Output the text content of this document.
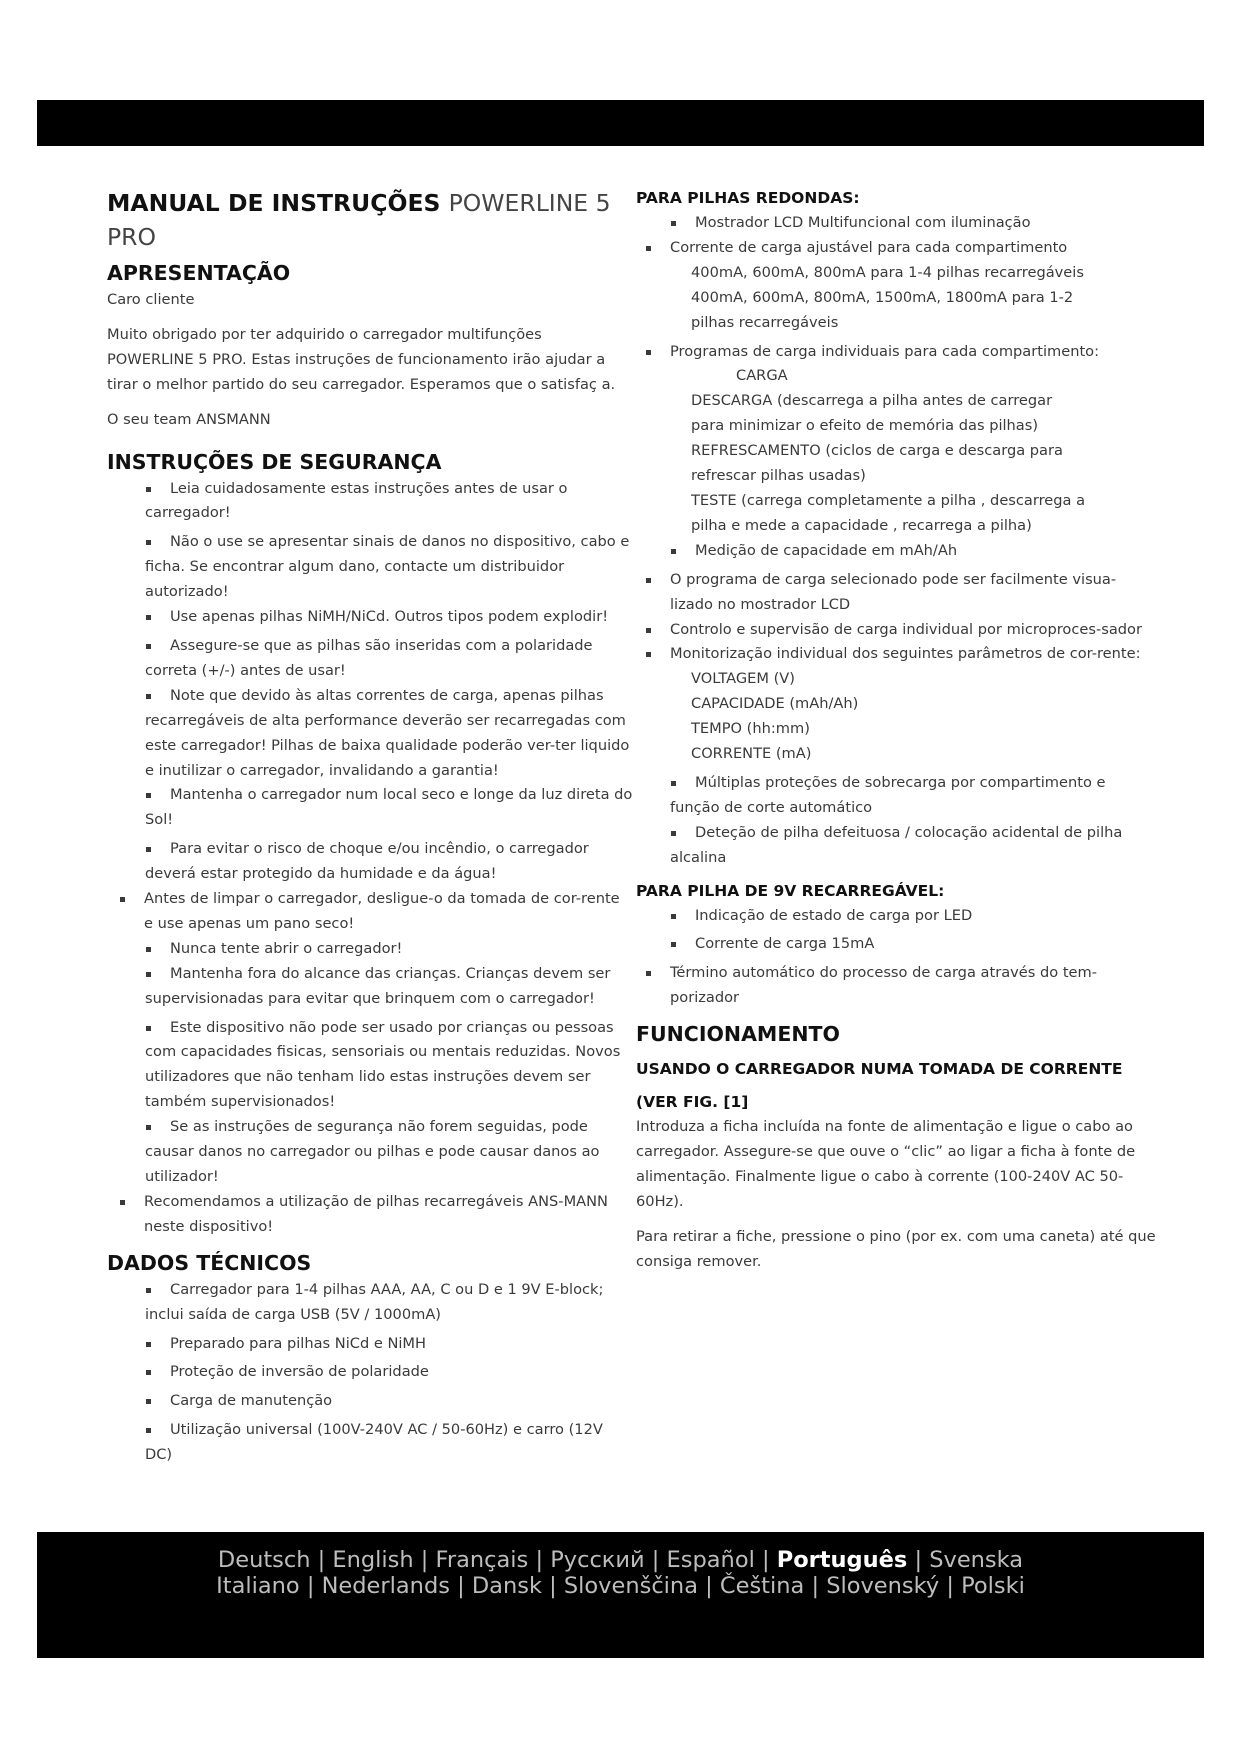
MANUAL DE INSTRUÇÕES POWERLINE 5 PRO
APRESENTAÇÃO

Caro cliente

Muito obrigado por ter adquirido o carregador multifunções POWERLINE 5 PRO. Estas instruções de funcionamento irão ajudar a tirar o melhor partido do seu carregador. Esperamos que o satisfaç a.

O seu team ANSMANN

INSTRUÇÕES DE SEGURANÇA
Leia cuidadosamente estas instruções antes de usar o carregador!
Não o use se apresentar sinais de danos no dispositivo, cabo e ficha. Se encontrar algum dano, contacte um distribuidor autorizado!
Use apenas pilhas NiMH/NiCd. Outros tipos podem explodir!
Assegure-se que as pilhas são inseridas com a polaridade correta (+/-) antes de usar!
Note que devido às altas correntes de carga, apenas pilhas recarregáveis de alta performance deverão ser recarregadas com este carregador! Pilhas de baixa qualidade poderão ver-ter liquido e inutilizar o carregador, invalidando a garantia!
Mantenha o carregador num local seco e longe da luz direta do Sol!
Para evitar o risco de choque e/ou incêndio, o carregador deverá estar protegido da humidade e da água!
Antes de limpar o carregador, desligue-o da tomada de cor-rente e use apenas um pano seco!
Nunca tente abrir o carregador!
Mantenha fora do alcance das crianças. Crianças devem ser supervisionadas para evitar que brinquem com o carregador!
Este dispositivo não pode ser usado por crianças ou pessoas com capacidades fisicas, sensoriais ou mentais reduzidas. Novos utilizadores que não tenham lido estas instruções devem ser também supervisionados!
Se as instruções de segurança não forem seguidas, pode causar danos no carregador ou pilhas e pode causar danos ao utilizador!
Recomendamos a utilização de pilhas recarregáveis ANS-MANN neste dispositivo!
DADOS TÉCNICOS
Carregador para 1-4 pilhas AAA, AA, C ou D e 1 9V E-block; inclui saída de carga USB (5V / 1000mA)
Preparado para pilhas NiCd e NiMH
Proteção de inversão de polaridade
Carga de manutenção
Utilização universal (100V-240V AC / 50-60Hz) e carro (12V DC)
PARA PILHAS REDONDAS:
Mostrador LCD Multifuncional com iluminação
Corrente de carga ajustável para cada compartimento
400mA, 600mA, 800mA para 1-4 pilhas recarregáveis
400mA, 600mA, 800mA, 1500mA, 1800mA para 1-2
pilhas recarregáveis
Programas de carga individuais para cada compartimento:
CARGA
DESCARGA (descarrega a pilha antes de carregar
para minimizar o efeito de memória das pilhas)
REFRESCAMENTO (ciclos de carga e descarga para
refrescar pilhas usadas)
TESTE (carrega completamente a pilha , descarrega a
pilha e mede a capacidade , recarrega a pilha)
Medição de capacidade em mAh/Ah
O programa de carga selecionado pode ser facilmente visua-lizado no mostrador LCD
Controlo e supervisão de carga individual por microproces-sador
Monitorização individual dos seguintes parâmetros de cor-rente:
VOLTAGEM (V)
CAPACIDADE (mAh/Ah)
TEMPO (hh:mm)
CORRENTE (mA)
Múltiplas proteções de sobrecarga por compartimento e função de corte automático
Deteção de pilha defeituosa / colocação acidental de pilha alcalina
PARA PILHA DE 9V RECARREGÁVEL:
Indicação de estado de carga por LED
Corrente de carga 15mA
Término automático do processo de carga através do tem-porizador
FUNCIONAMENTO
USANDO O CARREGADOR NUMA TOMADA DE CORRENTE
(VER FIG. [1]

Introduza a ficha incluída na fonte de alimentação e ligue o cabo ao carregador. Assegure-se que ouve o “clic” ao ligar a ficha à fonte de alimentação. Finalmente ligue o cabo à corrente (100-240V AC 50-60Hz).

Para retirar a fiche, pressione o pino (por ex. com uma caneta) até que consiga remover.

Deutsch | English | Français | Русский | Español | Português | Svenska
Italiano | Nederlands | Dansk | Slovenščina | Čeština | Slovenský | Polski
